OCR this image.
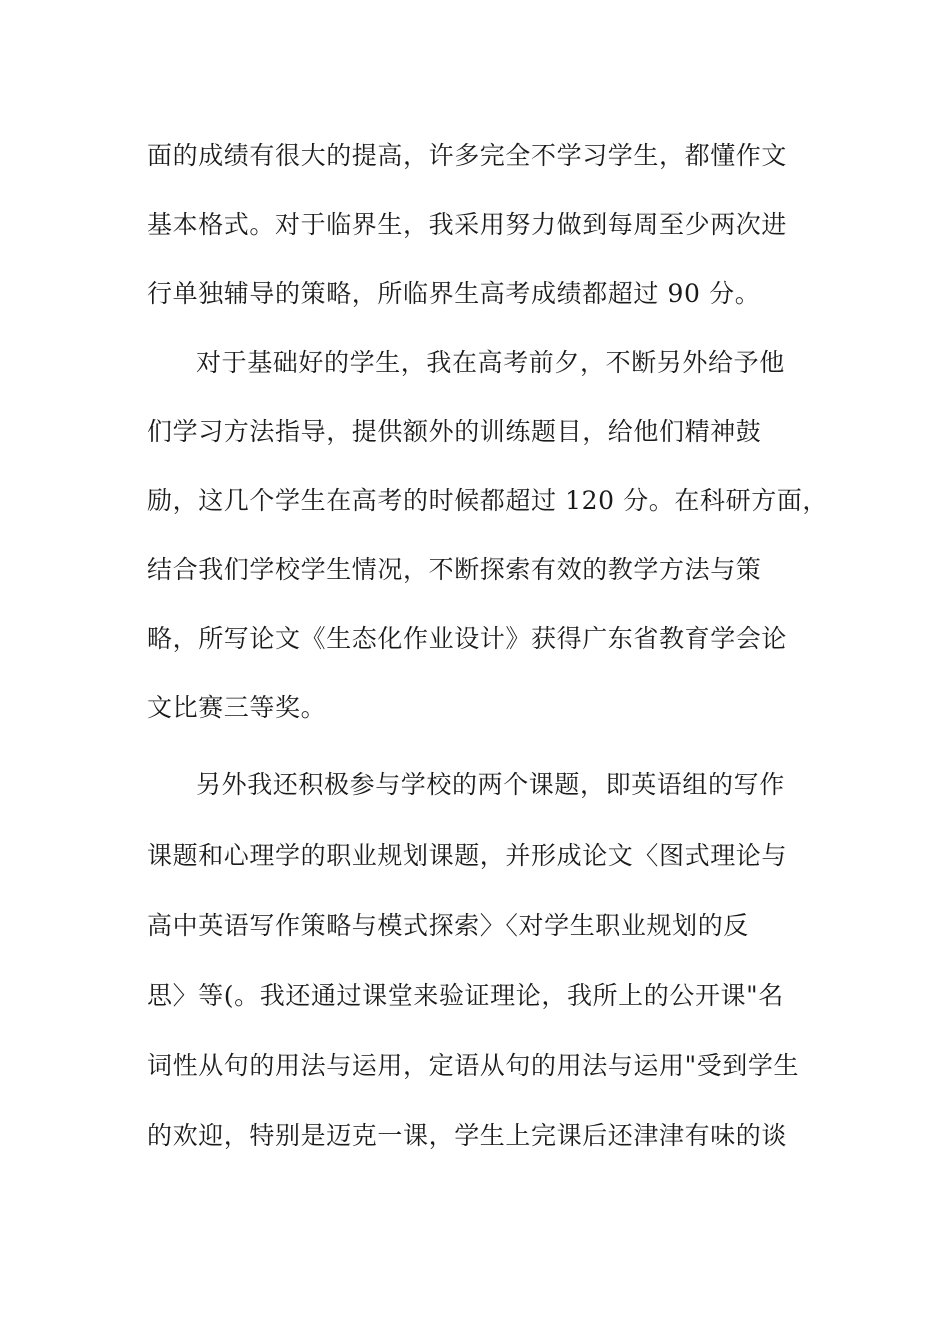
面的成绩有很大的提高，许多完全不学习学生，都懂作文
基本格式。对于临界生，我采用努力做到每周至少两次进
行单独辅导的策略，所临界生高考成绩都超过 90 分。
对于基础好的学生，我在高考前夕，不断另外给予他
们学习方法指导，提供额外的训练题目，给他们精神鼓
励，这几个学生在高考的时候都超过 120 分。在科研方面，
结合我们学校学生情况，不断探索有效的教学方法与策
略，所写论文《生态化作业设计》获得广东省教育学会论
文比赛三等奖。
另外我还积极参与学校的两个课题，即英语组的写作
课题和心理学的职业规划课题，并形成论文〈图式理论与
高中英语写作策略与模式探索〉〈对学生职业规划的反
思〉等(。我还通过课堂来验证理论，我所上的公开课"名
词性从句的用法与运用，定语从句的用法与运用"受到学生
的欢迎，特别是迈克一课，学生上完课后还津津有味的谈
